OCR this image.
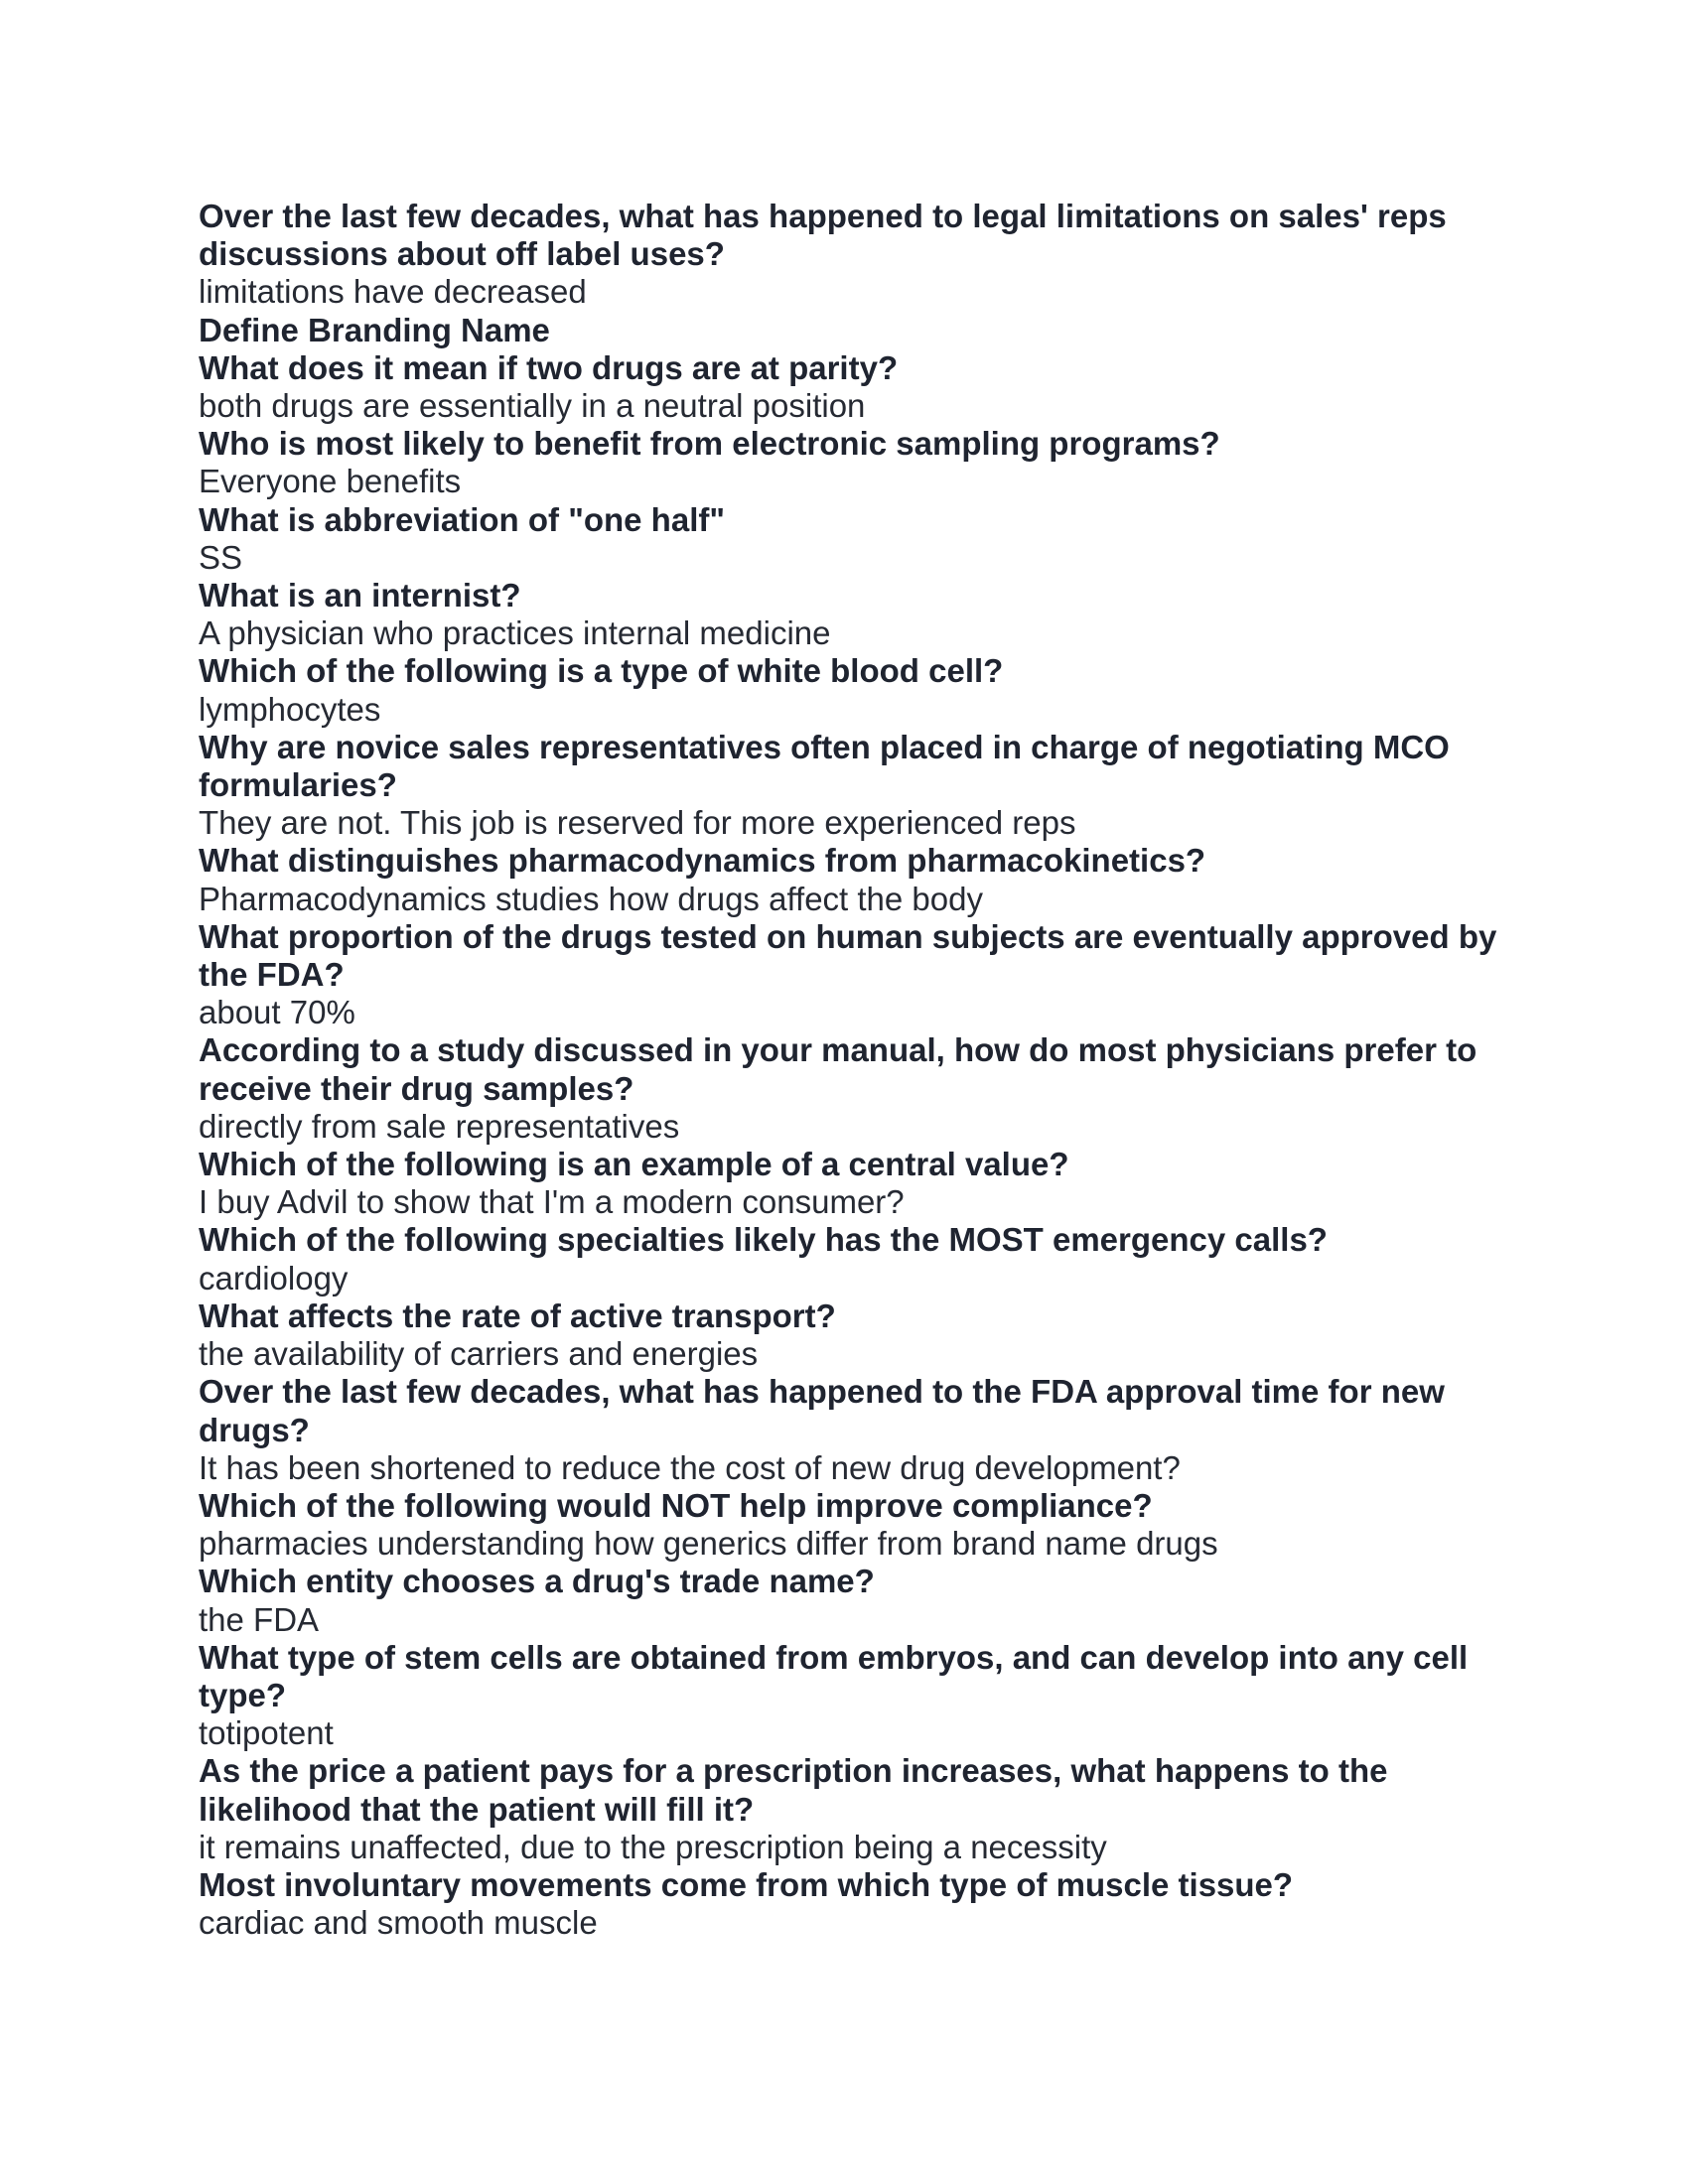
Over the last few decades, what has happened to legal limitations on sales' reps discussions about off label uses?
limitations have decreased
Define Branding Name
What does it mean if two drugs are at parity?
both drugs are essentially in a neutral position
Who is most likely to benefit from electronic sampling programs?
Everyone benefits
What is abbreviation of "one half"
SS
What is an internist?
A physician who practices internal medicine
Which of the following is a type of white blood cell?
lymphocytes
Why are novice sales representatives often placed in charge of negotiating MCO formularies?
They are not. This job is reserved for more experienced reps
What distinguishes pharmacodynamics from pharmacokinetics?
Pharmacodynamics studies how drugs affect the body
What proportion of the drugs tested on human subjects are eventually approved by the FDA?
about 70%
According to a study discussed in your manual, how do most physicians prefer to receive their drug samples?
directly from sale representatives
Which of the following is an example of a central value?
I buy Advil to show that I'm a modern consumer?
Which of the following specialties likely has the MOST emergency calls?
cardiology
What affects the rate of active transport?
the availability of carriers and energies
Over the last few decades, what has happened to the FDA approval time for new drugs?
It has been shortened to reduce the cost of new drug development?
Which of the following would NOT help improve compliance?
pharmacies understanding how generics differ from brand name drugs
Which entity chooses a drug's trade name?
the FDA
What type of stem cells are obtained from embryos, and can develop into any cell type?
totipotent
As the price a patient pays for a prescription increases, what happens to the likelihood that the patient will fill it?
it remains unaffected, due to the prescription being a necessity
Most involuntary movements come from which type of muscle tissue?
cardiac and smooth muscle
